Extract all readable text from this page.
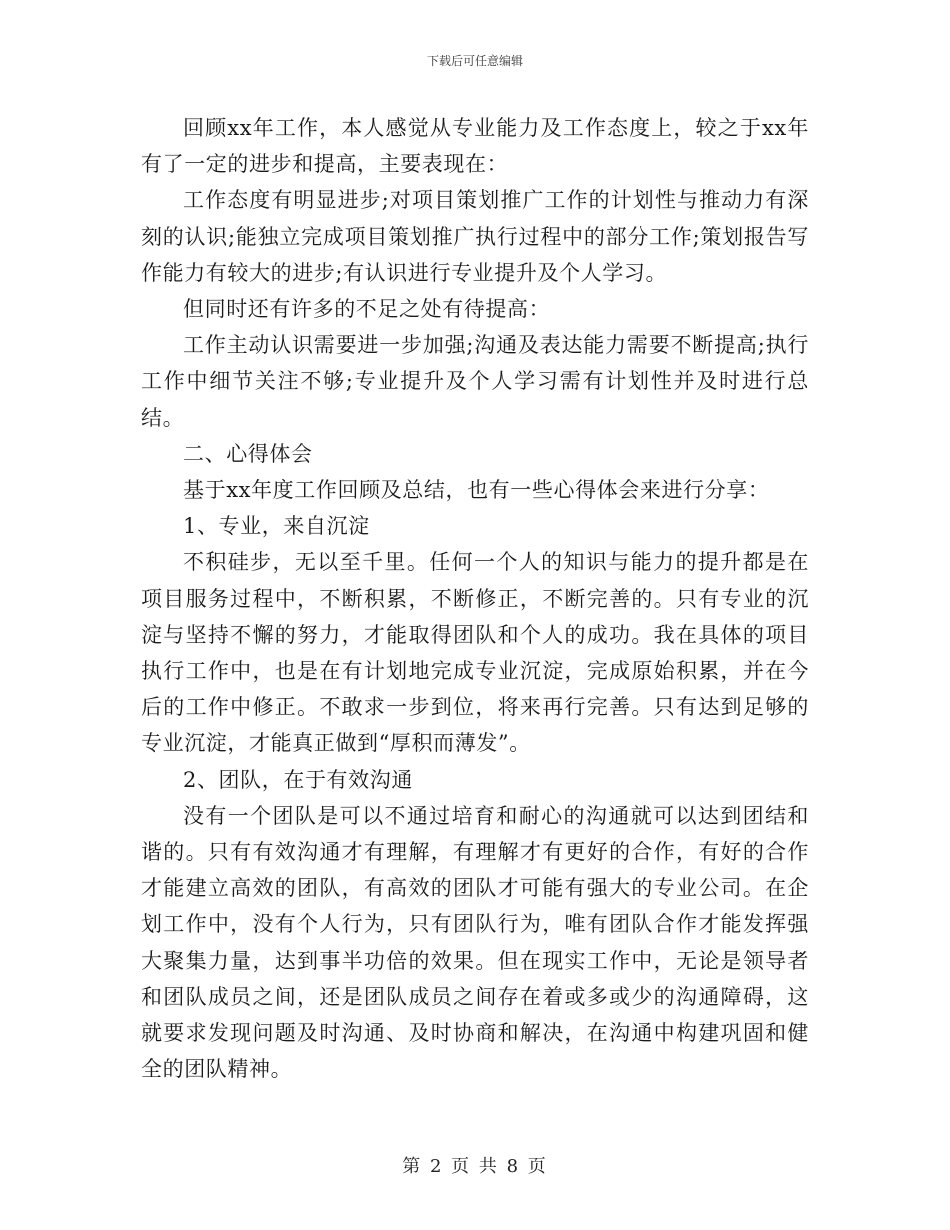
下载后可任意编辑

回顾xx年工作，本人感觉从专业能力及工作态度上，较之于xx年有了一定的进步和提高，主要表现在：

工作态度有明显进步;对项目策划推广工作的计划性与推动力有深刻的认识;能独立完成项目策划推广执行过程中的部分工作;策划报告写作能力有较大的进步;有认识进行专业提升及个人学习。

但同时还有许多的不足之处有待提高：

工作主动认识需要进一步加强;沟通及表达能力需要不断提高;执行工作中细节关注不够;专业提升及个人学习需有计划性并及时进行总结。

二、心得体会

基于xx年度工作回顾及总结，也有一些心得体会来进行分享：

1、专业，来自沉淀

不积硅步，无以至千里。任何一个人的知识与能力的提升都是在项目服务过程中，不断积累，不断修正，不断完善的。只有专业的沉淀与坚持不懈的努力，才能取得团队和个人的成功。我在具体的项目执行工作中，也是在有计划地完成专业沉淀，完成原始积累，并在今后的工作中修正。不敢求一步到位，将来再行完善。只有达到足够的专业沉淀，才能真正做到“厚积而薄发”。

2、团队，在于有效沟通

没有一个团队是可以不通过培育和耐心的沟通就可以达到团结和谐的。只有有效沟通才有理解，有理解才有更好的合作，有好的合作才能建立高效的团队，有高效的团队才可能有强大的专业公司。在企划工作中，没有个人行为，只有团队行为，唯有团队合作才能发挥强大聚集力量，达到事半功倍的效果。但在现实工作中，无论是领导者和团队成员之间，还是团队成员之间存在着或多或少的沟通障碍，这就要求发现问题及时沟通、及时协商和解决，在沟通中构建巩固和健全的团队精神。

第 2 页 共 8 页
